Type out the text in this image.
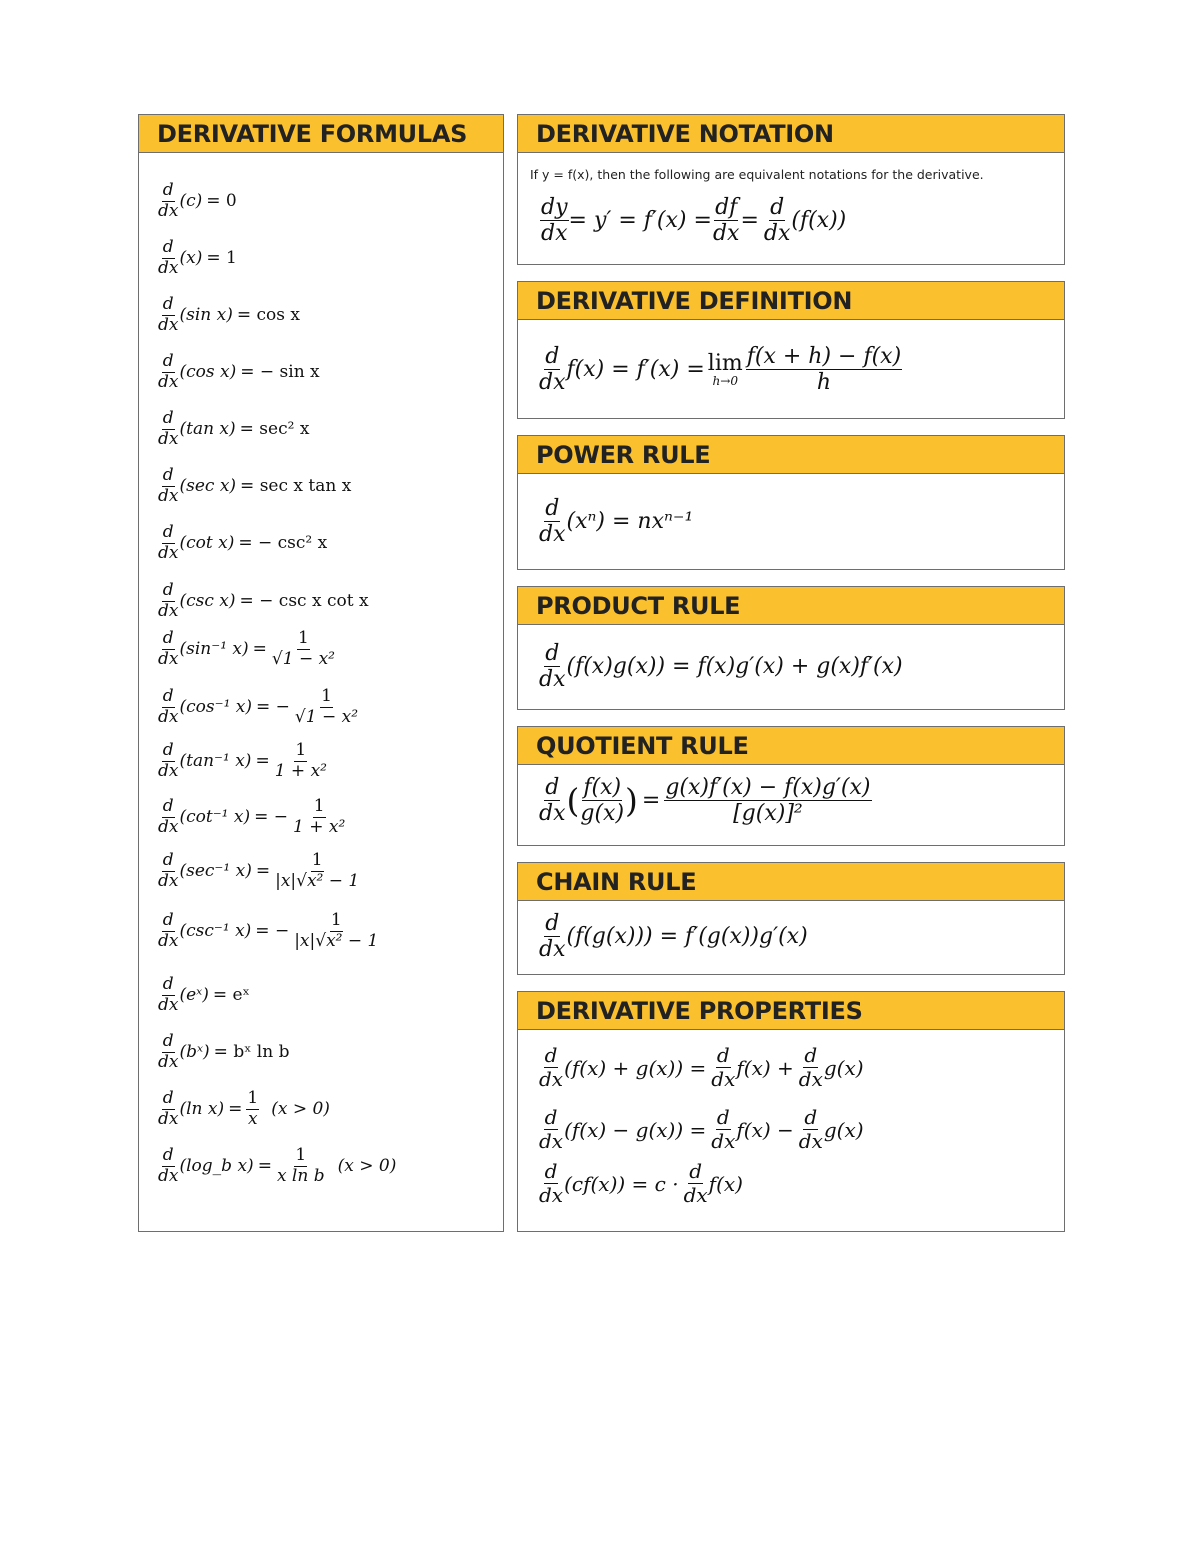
DERIVATIVE FORMULAS
$\frac{d}{dx} (c) = 0$
$\frac{d}{dx} (x) = 1$
$\frac{d}{dx} (\sin$ x) = cos x
$\frac{d}{dx} (\cos$ x) = − sin x
$\frac{d}{dx} (\tan$ x) = sec² x
$\frac{d}{dx} (\sec$ x) = sec x tan x
$\frac{d}{dx} (\cot$ x) = − csc² x
$\frac{d}{dx} (\csc$ x) = − csc x cot x
$\frac{d}{dx} (\sin^{-1}$ $x) = \frac{1}{\text{√1 − x²}}$
$\frac{d}{dx} (\cos^{-1}$ x) = − $\frac{1}{\text{√1 − x²}}$
$\frac{d}{dx} (\tan^{-1}$ $x) = \frac{1}{\text{1 + x²}}$
$\frac{d}{dx} (\cot^{-1}$ x) = − $\frac{1}{\text{1 + x²}}$
$\frac{d}{dx} (\sec^{-1}$ $x) = \frac{1}{\text{|x|√x² − 1}}$
$\frac{d}{dx} (\csc^{-1}$ x) = − $\frac{1}{\text{|x|√x² − 1}}$
$\frac{d}{dx}$ (eˣ) = eˣ
$\frac{d}{dx}$ (bˣ) = bˣ ln b
$\frac{d}{dx} (\ln$ $x) = \frac{1}{x} (x > 0)$
$\frac{d}{dx}$ (log_b $x) = \frac{1}{\text{x ln b}} (x > 0)$
DERIVATIVE NOTATION
If y = f(x), then the following are equivalent notations for the derivative.
$\frac{dy}{dx} = y' = f'(x) = \frac{df}{dx} = \frac{d}{dx} (f(x))$
DERIVATIVE DEFINITION
$\frac{d}{dx} f(x) = f'(x) = \lim$
$h\to 0 \frac{f(x + h) - f(x)}{h}$
POWER RULE
$\frac{d}{dx} (x^n) = nx^{n-1}$
PRODUCT RULE
$\frac{d}{dx} (f(x)g(x)) = f(x)g'(x) + g(x)f'(x)$
QUOTIENT RULE
$\frac{d}{dx}$ ( $\frac{f(x)}{g(x)}$ ) = $\frac{g(x)f'(x) - f(x)g'(x)}{\text{[g(x)]²}}$
CHAIN RULE
$\frac{d}{dx} (f(g(x))) = f'(g(x))g'(x)$
DERIVATIVE PROPERTIES
$\frac{d}{dx} (f(x) + g(x)) = \frac{d}{dx} f(x) + \frac{d}{dx} g(x)$
$\frac{d}{dx} (f(x) - g(x)) = \frac{d}{dx} f(x) - \frac{d}{dx} g(x)$
$\frac{d}{dx} (cf(x)) = c \cdot \frac{d}{dx} f(x)$
